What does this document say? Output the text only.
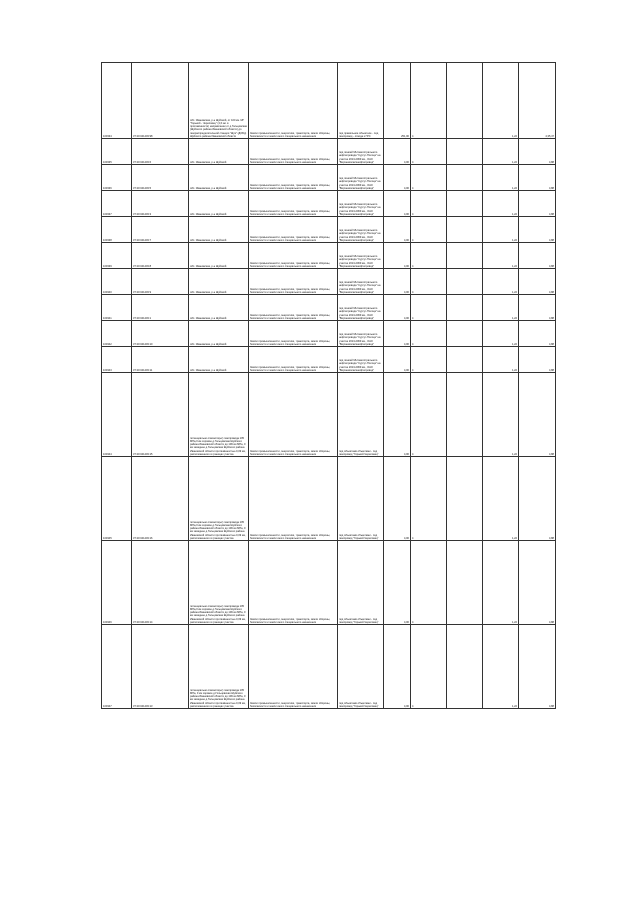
100334	37:20:041403:98	обл. Ивановская, р-н Шуйский, от 100 км. МГ "Горький - Череповец" (4,6 км. в протяжённости) направлении от д.Гольцовская (Шуйского района Ивановской области) до газораспределительной станции "Шуя" (ДОБр) Шуйского района Ивановской области	Земли промышленности, энергетики, транспорта, земли обороны, безопасности и земли иного специального назначения	под правильное объектное - под газопровод - отвода к ГРС	251,00	4		1,22	4,35,47
100335	37:20:041403:6	обл. Ивановская, р-н Шуйский	Земли промышленности, энергетики, транспорта, земли обороны, безопасности и земли иного специального назначения	под линией МН магистрального нефтепровода "Сургут-Полоцк" на участке 2013-2069 км., ОАО "Верхневолжскнефтепровод"	4,00	4		1,22	4,88
100336	37:20:041403:5	обл. Ивановская, р-н Шуйский	Земли промышленности, энергетики, транспорта, земли обороны, безопасности и земли иного специального назначения	под линией МН магистрального нефтепровода "Сургут-Полоцк" на участке 2013-2069 км., ОАО "Верхневолжскнефтепровод"	4,00	4		1,22	4,88
100337	37:20:041403:3	обл. Ивановская, р-н Шуйский	Земли промышленности, энергетики, транспорта, земли обороны, безопасности и земли иного специального назначения	под линией МН магистрального нефтепровода "Сургут-Полоцк" на участке 2013-2069 км., ОАО "Верхневолжскнефтепровод"	4,00	4		1,22	4,88
100338	37:20:041403:7	обл. Ивановская, р-н Шуйский	Земли промышленности, энергетики, транспорта, земли обороны, безопасности и земли иного специального назначения	под линией МН магистрального нефтепровода "Сургут-Полоцк" на участке 2013-2069 км., ОАО "Верхневолжскнефтепровод"	4,00	4		1,22	4,88
100339	37:20:041403:8	обл. Ивановская, р-н Шуйский	Земли промышленности, энергетики, транспорта, земли обороны, безопасности и земли иного специального назначения	под линией МН магистрального нефтепровода "Сургут-Полоцк" на участке 2013-2069 км., ОАО "Верхневолжскнефтепровод"	4,00	4		1,22	4,88
100340	37:20:041403:9	обл. Ивановская, р-н Шуйский	Земли промышленности, энергетики, транспорта, земли обороны, безопасности и земли иного специального назначения	под линией МН магистрального нефтепровода "Сургут-Полоцк" на участке 2013-2069 км., ОАО "Верхневолжскнефтепровод"	4,00	4		1,22	4,88
100341	37:20:041403:1	обл. Ивановская, р-н Шуйский	Земли промышленности, энергетики, транспорта, земли обороны, безопасности и земли иного специального назначения	под линией МН магистрального нефтепровода "Сургут-Полоцк" на участке 2013-2069 км., ОАО "Верхневолжскнефтепровод"	4,00	4		1,22	4,88
100342	37:20:041403:10	обл. Ивановская, р-н Шуйский	Земли промышленности, энергетики, транспорта, земли обороны, безопасности и земли иного специального назначения	под линией МН магистрального нефтепровода "Сургут-Полоцк" на участке 2013-2069 км., ОАО "Верхневолжскнефтепровод"	4,00	4		1,22	4,88
100343	37:20:041403:11	обл. Ивановская, р-н Шуйский	Земли промышленности, энергетики, транспорта, земли обороны, безопасности и земли иного специального назначения	под линией МН магистрального нефтепровода "Сургут-Полоцк" на участке 2013-2069 км., ОАО "Верхневолжскнефтепровод"	4,00	4		1,22	4,88
100344	37:20:041403:15	потенциально опасного(ых) газопровода 105 МПа,0 км хоровое д.Гольцовская Шуйского района Ивановской области до 109 км МПа, 0 км западнее д.Гольцовская Шуйского района Ивановской области протяжённостью 0,09 км, расположенного в границах участка	Земли промышленности, энергетики, транспорта, земли обороны, безопасности и земли иного специального назначения	под объектами объектами - под газопровод "Горький-Череповец"	4,00	4		1,22	4,88
100345	37:20:041403:16	потенциально опасного(ых) газопровода 105 МПа,0 км хоровое д.Гольцовская Шуйского района Ивановской области до 109 км МПа, 0 км западнее д.Гольцовская Шуйского района Ивановской области протяжённостью 0,09 км, расположенного в границах участка	Земли промышленности, энергетики, транспорта, земли обороны, безопасности и земли иного специального назначения	под объектами объектами - под газопровод "Горький-Череповец"	4,00	4		1,22	4,88
100346	37:20:041403:14	потенциально опасного(ых) газопровода 105 МПа,0 км хоровое д.Гольцовская Шуйского района Ивановской области до 109 км МПа, 0 км западнее д.Гольцовская Шуйского района Ивановской области протяжённостью 0,09 км, расположенного в границах участка	Земли промышленности, энергетики, транспорта, земли обороны, безопасности и земли иного специального назначения	под объектами объектами - под газопровод "Горький-Череповец"	4,00	4		1,22	4,88
100347	37:20:041403:13	потенциально опасного(ых) газопровода 105 МПа, 0 км хоровое д.Гольцовская Шуйского района Ивановской области до 109 км МПа, 0 км западнее д.Гольцовская Шуйского района Ивановской области протяжённостью 0,09 км, расположенного в границах участка	Земли промышленности, энергетики, транспорта, земли обороны, безопасности и земли иного специального назначения	под объектами объектами - под газопровод "Горький-Череповец"	4,00	4		1,22	4,88
